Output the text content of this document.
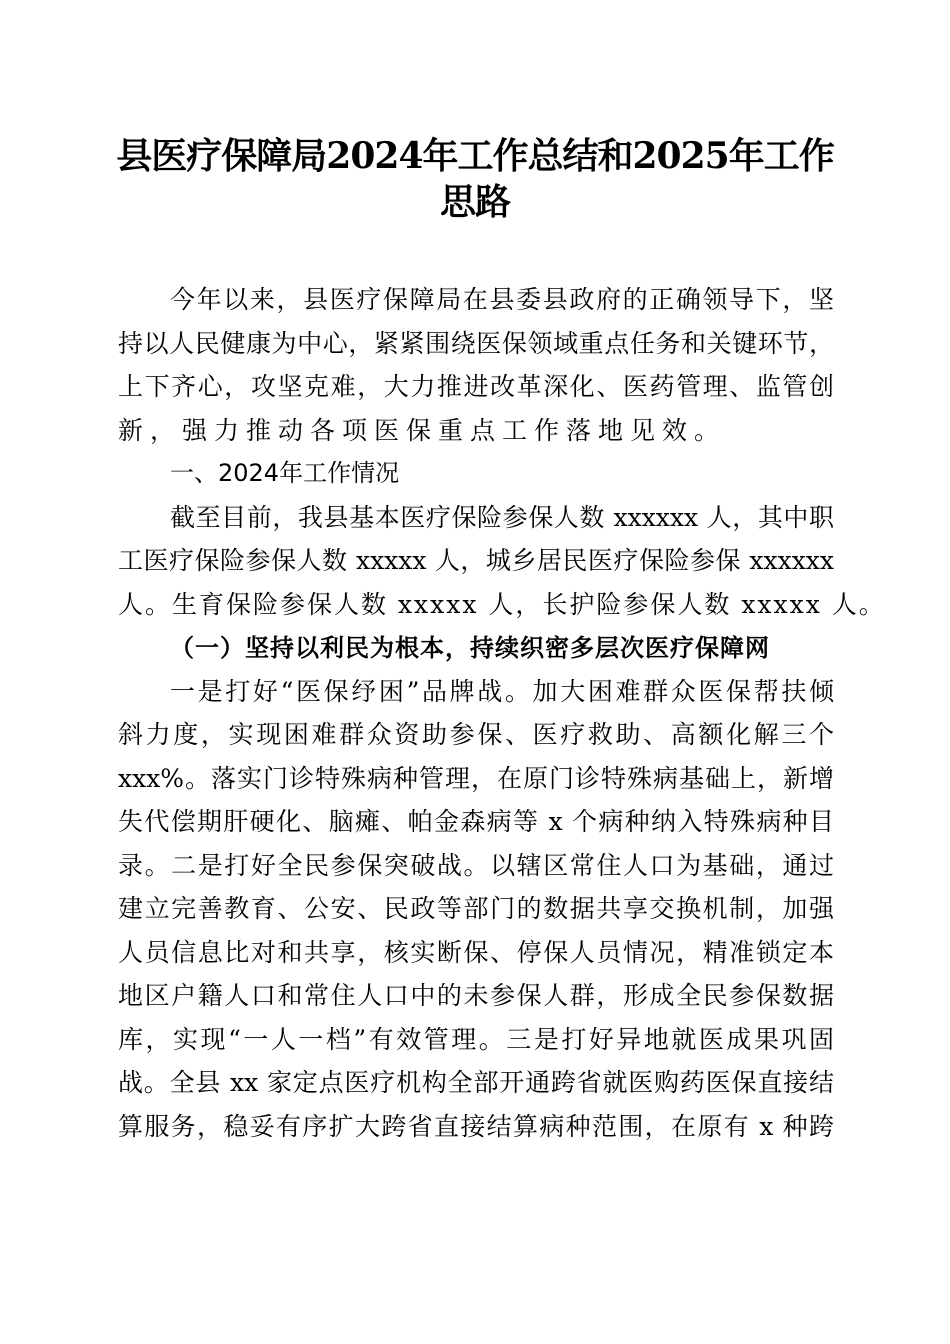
县医疗保障局2024年工作总结和2025年工作
思路
今年以来，县医疗保障局在县委县政府的正确领导下，坚
持以人民健康为中心，紧紧围绕医保领域重点任务和关键环节，
上下齐心，攻坚克难，大力推进改革深化、医药管理、监管创
新，强力推动各项医保重点工作落地见效。
一、2024年工作情况
截至目前，我县基本医疗保险参保人数 xxxxxx 人，其中职
工医疗保险参保人数 xxxxx 人，城乡居民医疗保险参保 xxxxxx
人。生育保险参保人数 xxxxx 人，长护险参保人数 xxxxx 人。
（一）坚持以利民为根本，持续织密多层次医疗保障网
一是打好“医保纾困”品牌战。加大困难群众医保帮扶倾
斜力度，实现困难群众资助参保、医疗救助、高额化解三个
xxx%。落实门诊特殊病种管理，在原门诊特殊病基础上，新增
失代偿期肝硬化、脑瘫、帕金森病等 x 个病种纳入特殊病种目
录。二是打好全民参保突破战。以辖区常住人口为基础，通过
建立完善教育、公安、民政等部门的数据共享交换机制，加强
人员信息比对和共享，核实断保、停保人员情况，精准锁定本
地区户籍人口和常住人口中的未参保人群，形成全民参保数据
库，实现“一人一档”有效管理。三是打好异地就医成果巩固
战。全县 xx 家定点医疗机构全部开通跨省就医购药医保直接结
算服务，稳妥有序扩大跨省直接结算病种范围，在原有 x 种跨
